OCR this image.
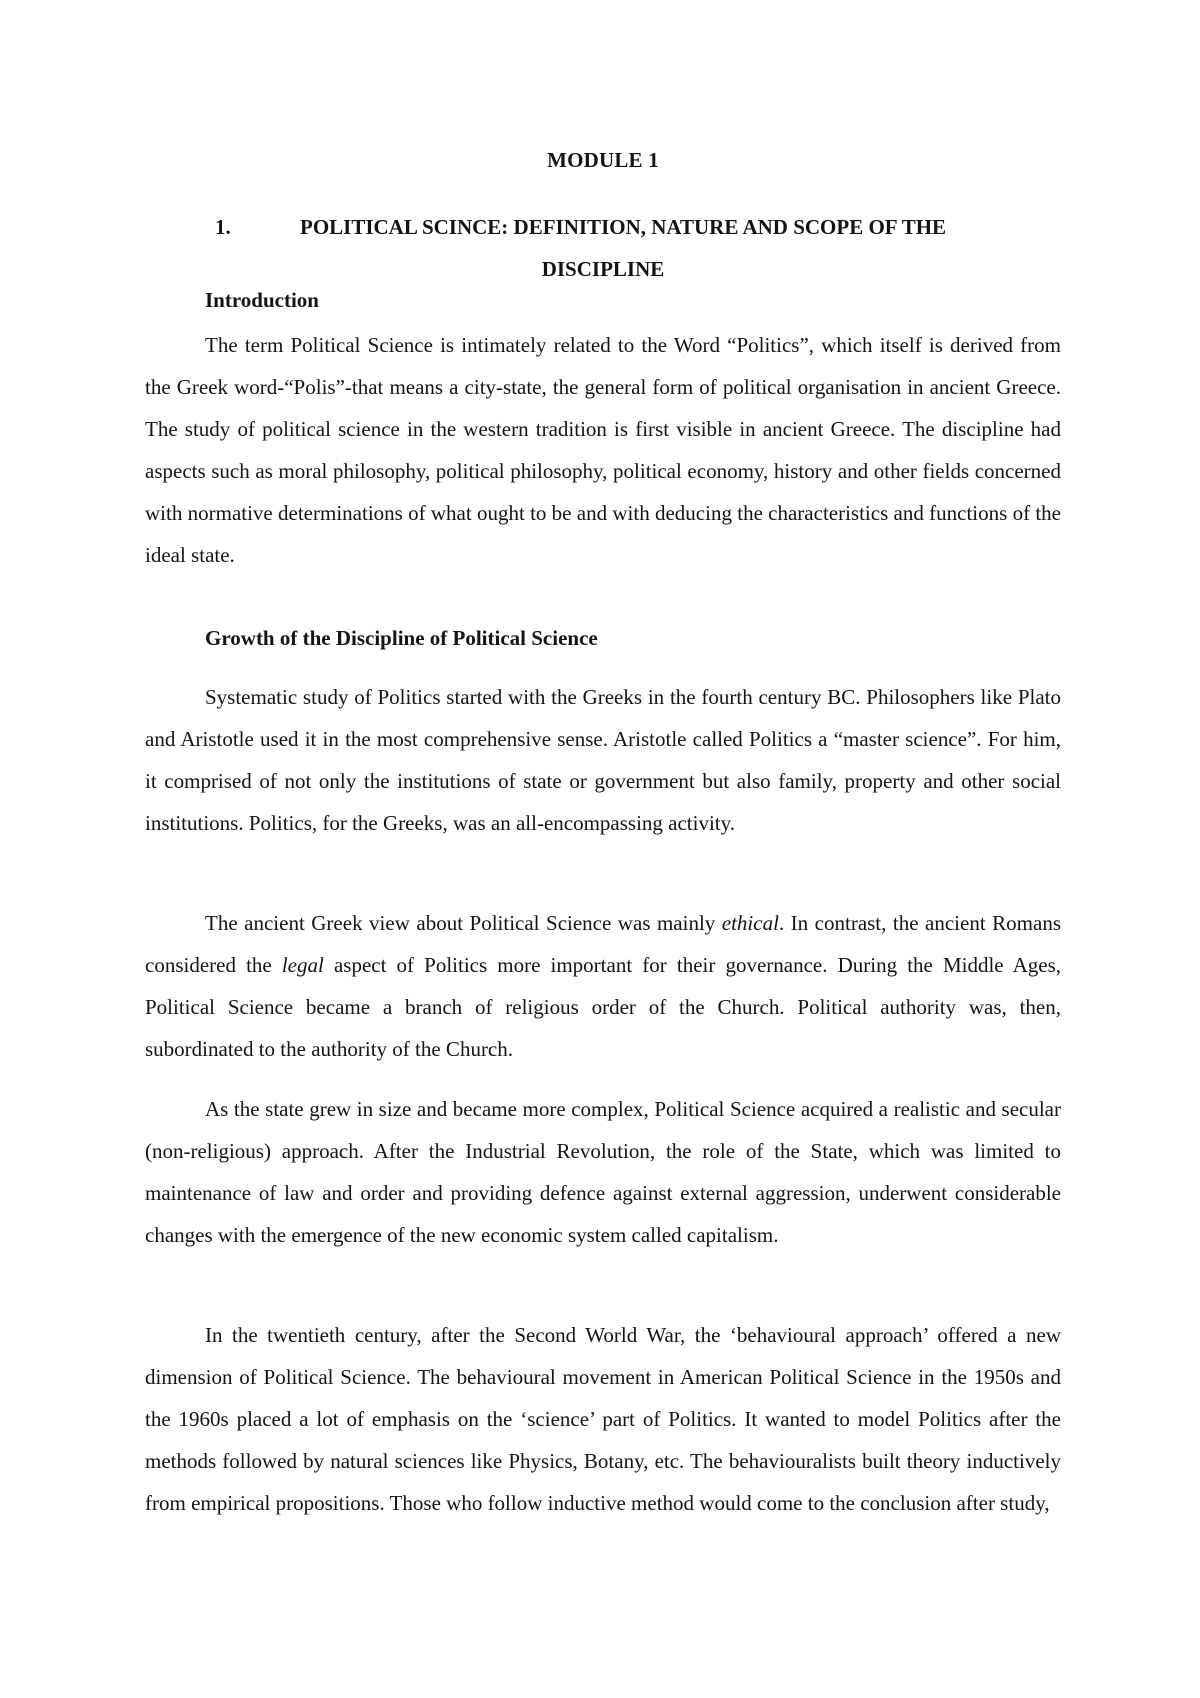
MODULE 1
1.	POLITICAL SCINCE: DEFINITION, NATURE AND SCOPE OF THE
DISCIPLINE
Introduction

The term Political Science is intimately related to the Word “Politics”, which itself is derived from the Greek word-“Polis”-that means a city-state, the general form of political organisation in ancient Greece. The study of political science in the western tradition is first visible in ancient Greece. The discipline had aspects such as moral philosophy, political philosophy, political economy, history and other fields concerned with normative determinations of what ought to be and with deducing the characteristics and functions of the ideal state.

Growth of the Discipline of Political Science

Systematic study of Politics started with the Greeks in the fourth century BC. Philosophers like Plato and Aristotle used it in the most comprehensive sense. Aristotle called Politics a “master science”. For him, it comprised of not only the institutions of state or government but also family, property and other social institutions. Politics, for the Greeks, was an all-encompassing activity.

The ancient Greek view about Political Science was mainly ethical. In contrast, the ancient Romans considered the legal aspect of Politics more important for their governance. During the Middle Ages, Political Science became a branch of religious order of the Church. Political authority was, then, subordinated to the authority of the Church.

As the state grew in size and became more complex, Political Science acquired a realistic and secular (non-religious) approach. After the Industrial Revolution, the role of the State, which was limited to maintenance of law and order and providing defence against external aggression, underwent considerable changes with the emergence of the new economic system called capitalism.

In the twentieth century, after the Second World War, the ‘behavioural approach’ offered a new dimension of Political Science. The behavioural movement in American Political Science in the 1950s and the 1960s placed a lot of emphasis on the ‘science’ part of Politics. It wanted to model Politics after the methods followed by natural sciences like Physics, Botany, etc. The behaviouralists built theory inductively from empirical propositions. Those who follow inductive method would come to the conclusion after study,
